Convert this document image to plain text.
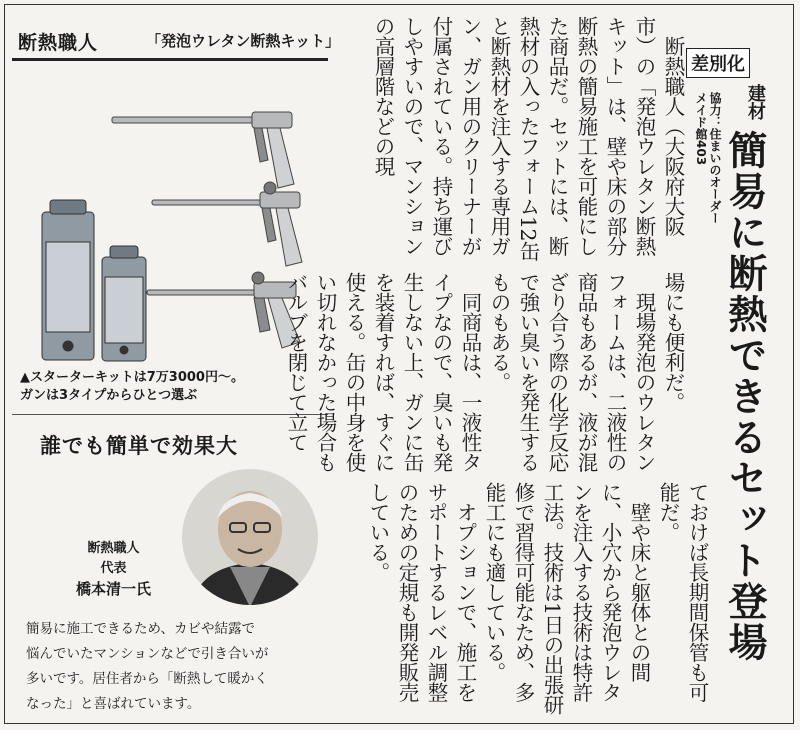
断熱職人	「発泡ウレタン断熱キット」
▲スターターキットは7万3000円〜。
ガンは3タイプからひとつ選ぶ
誰でも簡単で効果大
断熱職人
代表
橋本清一氏
簡易に施工できるため、カビや結露で
悩んでいたマンションなどで引き合いが
多いです。居住者から「断熱して暖かく
なった」と喜ばれています。
差別化
建材
協力：住まいのオーダーメイド館403
簡易に断熱できるセット登場

　断熱職人（大阪府大阪市）の「発泡ウレタン断熱キット」は、壁や床の部分断熱の簡易施工を可能にした商品だ。セットには、断熱材の入ったフォーム12缶と断熱材を注入する専用ガン、ガン用のクリーナーが付属されている。持ち運びしやすいので、マンションの高層階などの現

場にも便利だ。
　現場発泡のウレタンフォームは、二液性の商品もあるが、液が混ざり合う際の化学反応で強い臭いを発生するものもある。
　同商品は、一液性タイプなので、臭いも発生しない上、ガンに缶を装着すれば、すぐに使える。缶の中身を使い切れなかった場合もバルブを閉じて立て

ておけば長期間保管も可能だ。
　壁や床と躯体との間に、小穴から発泡ウレタンを注入する技術は特許工法。技術は1日の出張研修で習得可能なため、多能工にも適している。
　オプションで、施工をサポートするレベル調整のための定規も開発販売している。
